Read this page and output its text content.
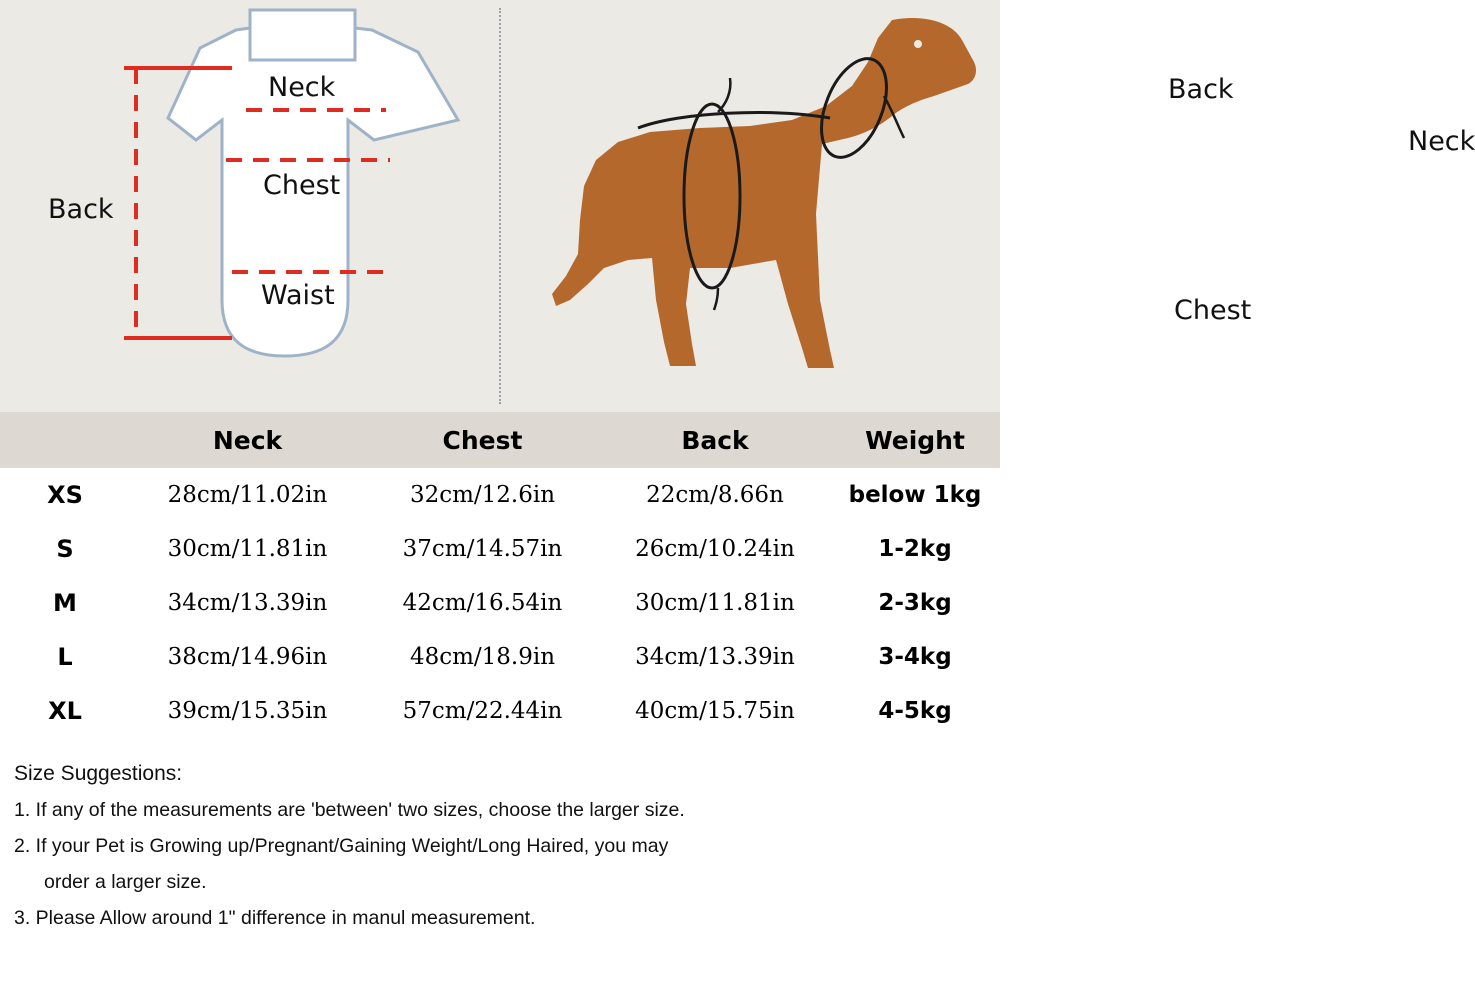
Neck
Chest
Waist
Back
Back
Neck
Chest
	Neck	Chest	Back	Weight
XS	28cm/11.02in	32cm/12.6in	22cm/8.66n	below 1kg
S	30cm/11.81in	37cm/14.57in	26cm/10.24in	1-2kg
M	34cm/13.39in	42cm/16.54in	30cm/11.81in	2-3kg
L	38cm/14.96in	48cm/18.9in	34cm/13.39in	3-4kg
XL	39cm/15.35in	57cm/22.44in	40cm/15.75in	4-5kg
Size Suggestions:
1. If any of the measurements are 'between' two sizes, choose the larger size.
2. If your Pet is Growing up/Pregnant/Gaining Weight/Long Haired, you may
order a larger size.
3. Please Allow around 1" difference in manul measurement.
